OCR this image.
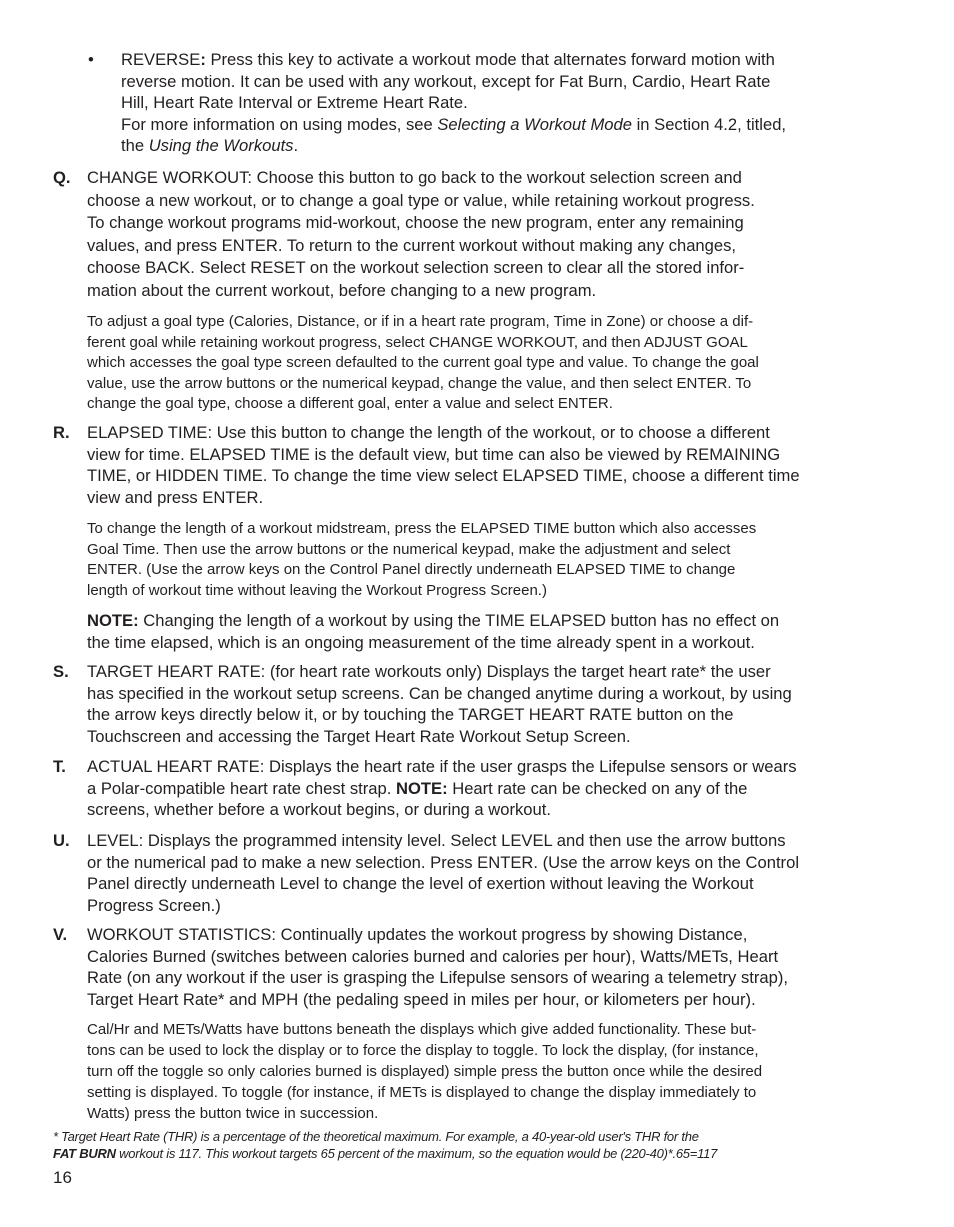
• REVERSE: Press this key to activate a workout mode that alternates forward motion with
reverse motion. It can be used with any workout, except for Fat Burn, Cardio, Heart Rate
Hill, Heart Rate Interval or Extreme Heart Rate.
For more information on using modes, see Selecting a Workout Mode in Section 4.2, titled,
the Using the Workouts.
Q. CHANGE WORKOUT: Choose this button to go back to the workout selection screen and
choose a new workout, or to change a goal type or value, while retaining workout progress.
To change workout programs mid-workout, choose the new program, enter any remaining
values, and press ENTER. To return to the current workout without making any changes,
choose BACK. Select RESET on the workout selection screen to clear all the stored infor-
mation about the current workout, before changing to a new program.
To adjust a goal type (Calories, Distance, or if in a heart rate program, Time in Zone) or choose a dif-
ferent goal while retaining workout progress, select CHANGE WORKOUT, and then ADJUST GOAL
which accesses the goal type screen defaulted to the current goal type and value. To change the goal
value, use the arrow buttons or the numerical keypad, change the value, and then select ENTER. To
change the goal type, choose a different goal, enter a value and select ENTER.
R. ELAPSED TIME: Use this button to change the length of the workout, or to choose a different
view for time. ELAPSED TIME is the default view, but time can also be viewed by REMAINING
TIME, or HIDDEN TIME. To change the time view select ELAPSED TIME, choose a different time
view and press ENTER.
To change the length of a workout midstream, press the ELAPSED TIME button which also accesses
Goal Time. Then use the arrow buttons or the numerical keypad, make the adjustment and select
ENTER. (Use the arrow keys on the Control Panel directly underneath ELAPSED TIME to change
length of workout time without leaving the Workout Progress Screen.)
NOTE: Changing the length of a workout by using the TIME ELAPSED button has no effect on
the time elapsed, which is an ongoing measurement of the time already spent in a workout.
S. TARGET HEART RATE: (for heart rate workouts only) Displays the target heart rate* the user
has specified in the workout setup screens. Can be changed anytime during a workout, by using
the arrow keys directly below it, or by touching the TARGET HEART RATE button on the
Touchscreen and accessing the Target Heart Rate Workout Setup Screen.
T. ACTUAL HEART RATE: Displays the heart rate if the user grasps the Lifepulse sensors or wears
a Polar-compatible heart rate chest strap. NOTE: Heart rate can be checked on any of the
screens, whether before a workout begins, or during a workout.
U. LEVEL: Displays the programmed intensity level. Select LEVEL and then use the arrow buttons
or the numerical pad to make a new selection. Press ENTER. (Use the arrow keys on the Control
Panel directly underneath Level to change the level of exertion without leaving the Workout
Progress Screen.)
V. WORKOUT STATISTICS: Continually updates the workout progress by showing Distance,
Calories Burned (switches between calories burned and calories per hour), Watts/METs, Heart
Rate (on any workout if the user is grasping the Lifepulse sensors of wearing a telemetry strap),
Target Heart Rate* and MPH (the pedaling speed in miles per hour, or kilometers per hour).
Cal/Hr and METs/Watts have buttons beneath the displays which give added functionality. These but-
tons can be used to lock the display or to force the display to toggle. To lock the display, (for instance,
turn off the toggle so only calories burned is displayed) simple press the button once while the desired
setting is displayed. To toggle (for instance, if METs is displayed to change the display immediately to
Watts) press the button twice in succession.
* Target Heart Rate (THR) is a percentage of the theoretical maximum. For example, a 40-year-old user's THR for the
FAT BURN workout is 117. This workout targets 65 percent of the maximum, so the equation would be (220-40)*.65=117
16
